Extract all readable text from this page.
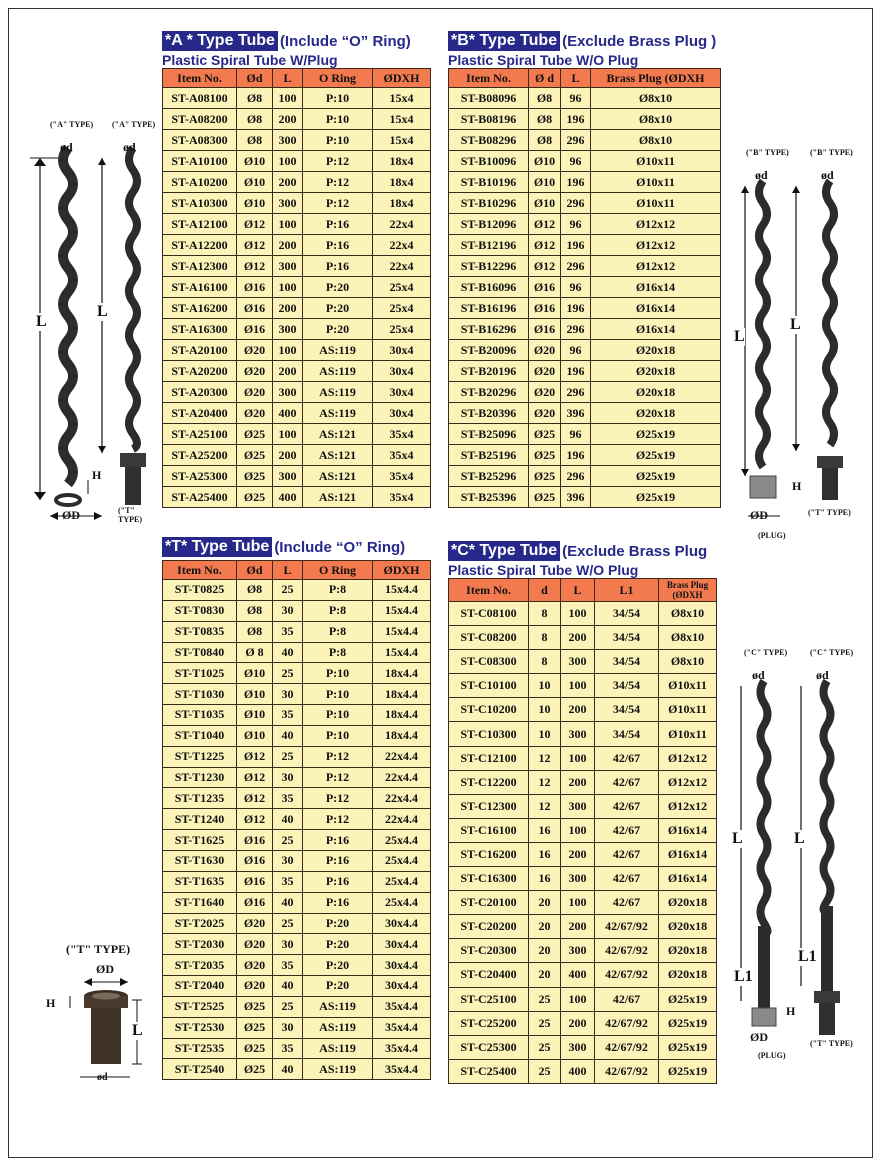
*A * Type Tube (Include “O” Ring)
Plastic Spiral Tube W/Plug
Item No.	Ød	L	O Ring	ØDXH
ST-A08100	Ø8	100	P:10	15x4
ST-A08200	Ø8	200	P:10	15x4
ST-A08300	Ø8	300	P:10	15x4
ST-A10100	Ø10	100	P:12	18x4
ST-A10200	Ø10	200	P:12	18x4
ST-A10300	Ø10	300	P:12	18x4
ST-A12100	Ø12	100	P:16	22x4
ST-A12200	Ø12	200	P:16	22x4
ST-A12300	Ø12	300	P:16	22x4
ST-A16100	Ø16	100	P:20	25x4
ST-A16200	Ø16	200	P:20	25x4
ST-A16300	Ø16	300	P:20	25x4
ST-A20100	Ø20	100	AS:119	30x4
ST-A20200	Ø20	200	AS:119	30x4
ST-A20300	Ø20	300	AS:119	30x4
ST-A20400	Ø20	400	AS:119	30x4
ST-A25100	Ø25	100	AS:121	35x4
ST-A25200	Ø25	200	AS:121	35x4
ST-A25300	Ø25	300	AS:121	35x4
ST-A25400	Ø25	400	AS:121	35x4
*B* Type Tube (Exclude Brass Plug )
Plastic Spiral Tube W/O Plug
Item No.	Ø d	L	Brass Plug (ØDXH
ST-B08096	Ø8	96	Ø8x10
ST-B08196	Ø8	196	Ø8x10
ST-B08296	Ø8	296	Ø8x10
ST-B10096	Ø10	96	Ø10x11
ST-B10196	Ø10	196	Ø10x11
ST-B10296	Ø10	296	Ø10x11
ST-B12096	Ø12	96	Ø12x12
ST-B12196	Ø12	196	Ø12x12
ST-B12296	Ø12	296	Ø12x12
ST-B16096	Ø16	96	Ø16x14
ST-B16196	Ø16	196	Ø16x14
ST-B16296	Ø16	296	Ø16x14
ST-B20096	Ø20	96	Ø20x18
ST-B20196	Ø20	196	Ø20x18
ST-B20296	Ø20	296	Ø20x18
ST-B20396	Ø20	396	Ø20x18
ST-B25096	Ø25	96	Ø25x19
ST-B25196	Ø25	196	Ø25x19
ST-B25296	Ø25	296	Ø25x19
ST-B25396	Ø25	396	Ø25x19
*T* Type Tube (Include “O” Ring)
Item No.	Ød	L	O Ring	ØDXH
ST-T0825	Ø8	25	P:8	15x4.4
ST-T0830	Ø8	30	P:8	15x4.4
ST-T0835	Ø8	35	P:8	15x4.4
ST-T0840	Ø 8	40	P:8	15x4.4
ST-T1025	Ø10	25	P:10	18x4.4
ST-T1030	Ø10	30	P:10	18x4.4
ST-T1035	Ø10	35	P:10	18x4.4
ST-T1040	Ø10	40	P:10	18x4.4
ST-T1225	Ø12	25	P:12	22x4.4
ST-T1230	Ø12	30	P:12	22x4.4
ST-T1235	Ø12	35	P:12	22x4.4
ST-T1240	Ø12	40	P:12	22x4.4
ST-T1625	Ø16	25	P:16	25x4.4
ST-T1630	Ø16	30	P:16	25x4.4
ST-T1635	Ø16	35	P:16	25x4.4
ST-T1640	Ø16	40	P:16	25x4.4
ST-T2025	Ø20	25	P:20	30x4.4
ST-T2030	Ø20	30	P:20	30x4.4
ST-T2035	Ø20	35	P:20	30x4.4
ST-T2040	Ø20	40	P:20	30x4.4
ST-T2525	Ø25	25	AS:119	35x4.4
ST-T2530	Ø25	30	AS:119	35x4.4
ST-T2535	Ø25	35	AS:119	35x4.4
ST-T2540	Ø25	40	AS:119	35x4.4
*C* Type Tube (Exclude Brass Plug
Plastic Spiral Tube W/O Plug
Item No.	d	L	L1	Brass Plug (ØDXH
ST-C08100	8	100	34/54	Ø8x10
ST-C08200	8	200	34/54	Ø8x10
ST-C08300	8	300	34/54	Ø8x10
ST-C10100	10	100	34/54	Ø10x11
ST-C10200	10	200	34/54	Ø10x11
ST-C10300	10	300	34/54	Ø10x11
ST-C12100	12	100	42/67	Ø12x12
ST-C12200	12	200	42/67	Ø12x12
ST-C12300	12	300	42/67	Ø12x12
ST-C16100	16	100	42/67	Ø16x14
ST-C16200	16	200	42/67	Ø16x14
ST-C16300	16	300	42/67	Ø16x14
ST-C20100	20	100	42/67	Ø20x18
ST-C20200	20	200	42/67/92	Ø20x18
ST-C20300	20	300	42/67/92	Ø20x18
ST-C20400	20	400	42/67/92	Ø20x18
ST-C25100	25	100	42/67	Ø25x19
ST-C25200	25	200	42/67/92	Ø25x19
ST-C25300	25	300	42/67/92	Ø25x19
ST-C25400	25	400	42/67/92	Ø25x19
("A" TYPE) ("A" TYPE)
ød	ød
L
L
H
ØD	("T" TYPE)
("B" TYPE)	("B" TYPE)
ød	ød
L
L
H
ØD	("T" TYPE)
(PLUG)
("C" TYPE)	("C" TYPE)
ød	ød
L	L
L1
L1
H
ØD	("T" TYPE)
(PLUG)
("T" TYPE)
ØD
H
L
ød
